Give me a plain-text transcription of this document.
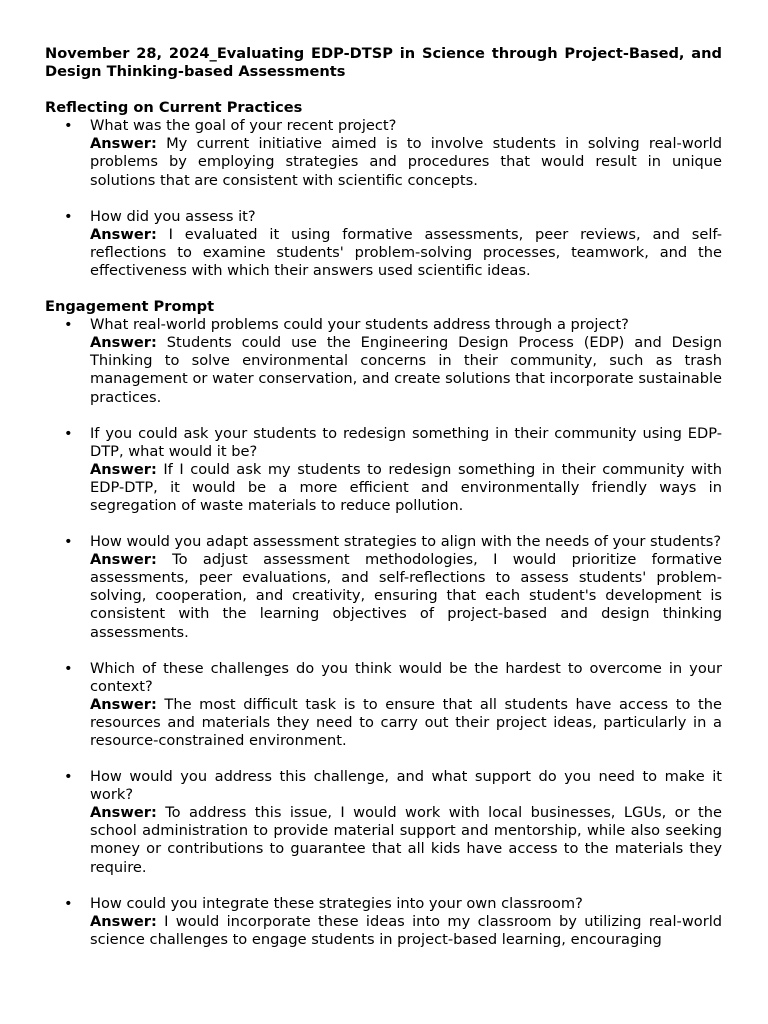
November 28, 2024_Evaluating EDP-DTSP in Science through Project-Based, and Design Thinking-based Assessments
Reflecting on Current Practices
• What was the goal of your recent project?
Answer: My current initiative aimed is to involve students in solving real-world problems by employing strategies and procedures that would result in unique solutions that are consistent with scientific concepts.
• How did you assess it?
Answer: I evaluated it using formative assessments, peer reviews, and self-reflections to examine students' problem-solving processes, teamwork, and the effectiveness with which their answers used scientific ideas.
Engagement Prompt
• What real-world problems could your students address through a project?
Answer: Students could use the Engineering Design Process (EDP) and Design Thinking to solve environmental concerns in their community, such as trash management or water conservation, and create solutions that incorporate sustainable practices.
• If you could ask your students to redesign something in their community using EDP-DTP, what would it be?
Answer: If I could ask my students to redesign something in their community with EDP-DTP, it would be a more efficient and environmentally friendly ways in segregation of waste materials to reduce pollution.
• How would you adapt assessment strategies to align with the needs of your students?
Answer: To adjust assessment methodologies, I would prioritize formative assessments, peer evaluations, and self-reflections to assess students' problem-solving, cooperation, and creativity, ensuring that each student's development is consistent with the learning objectives of project-based and design thinking assessments.
• Which of these challenges do you think would be the hardest to overcome in your context?
Answer: The most difficult task is to ensure that all students have access to the resources and materials they need to carry out their project ideas, particularly in a resource-constrained environment.
• How would you address this challenge, and what support do you need to make it work?
Answer: To address this issue, I would work with local businesses, LGUs, or the school administration to provide material support and mentorship, while also seeking money or contributions to guarantee that all kids have access to the materials they require.
• How could you integrate these strategies into your own classroom?
Answer: I would incorporate these ideas into my classroom by utilizing real-world science challenges to engage students in project-based learning, encouraging
